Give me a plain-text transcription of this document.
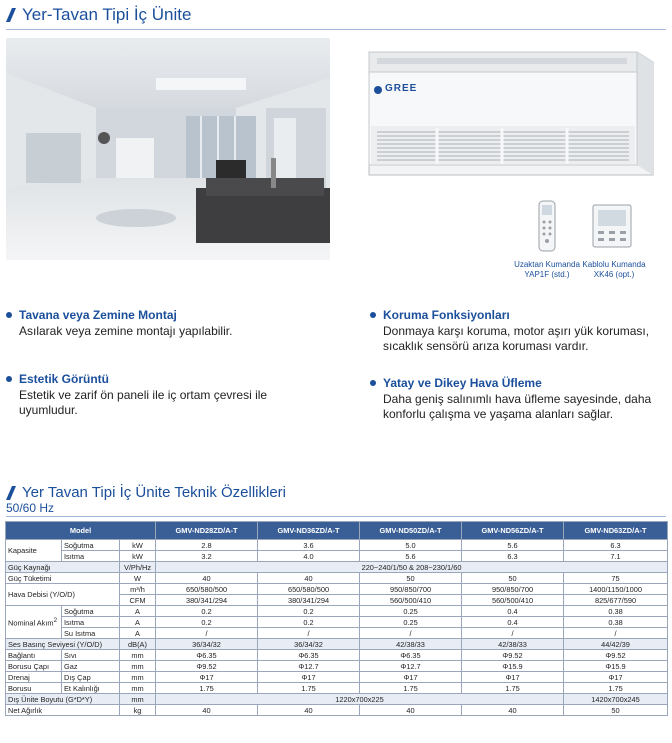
Yer-Tavan Tipi İç Ünite
GREE
Uzaktan Kumanda
YAP1F (std.)
Kablolu Kumanda
XK46 (opt.)
Tavana veya Zemine Montaj
Asılarak veya zemine montajı yapılabilir.
Koruma Fonksiyonları
Donmaya karşı koruma, motor aşırı yük koruması, sıcaklık sensörü arıza koruması vardır.
Estetik Görüntü
Estetik ve zarif ön paneli ile iç ortam çevresi ile uyumludur.
Yatay ve Dikey Hava Üfleme
Daha geniş salınımlı hava üfleme sayesinde, daha konforlu çalışma ve yaşama alanları sağlar.
Yer Tavan Tipi İç Ünite Teknik Özellikleri
50/60 Hz
Model			GMV-ND28ZD/A-T	GMV-ND36ZD/A-T	GMV-ND50ZD/A-T	GMV-ND56ZD/A-T	GMV-ND63ZD/A-T
Kapasite	Soğutma	kW	2.8	3.6	5.0	5.6	6.3
	Isıtma	kW	3.2	4.0	5.6	6.3	7.1
Güç Kaynağı		V/Ph/Hz	220~240/1/50 & 208~230/1/60				
Güç Tüketimi		W	40	40	50	50	75
Hava Debisi (Y/O/D)		m³/h	650/580/500	650/580/500	950/850/700	950/850/700	1400/1150/1000
		CFM	380/341/294	380/341/294	560/500/410	560/500/410	825/677/590
Nominal Akım$^2$	Soğutma	A	0.2	0.2	0.25	0.4	0.38
	Isıtma	A	0.2	0.2	0.25	0.4	0.38
	Su Isıtma	A	/	/	/	/	/
Ses Basınç Seviyesi (Y/O/D)		dB(A)	36/34/32	36/34/32	42/38/33	42/38/33	44/42/39
Bağlantı	Sıvı	mm	Φ6.35	Φ6.35	Φ6.35	Φ9.52	Φ9.52
Borusu Çapı	Gaz	mm	Φ9.52	Φ12.7	Φ12.7	Φ15.9	Φ15.9
Drenaj	Dış Çap	mm	Φ17	Φ17	Φ17	Φ17	Φ17
Borusu	Et Kalınlığı	mm	1.75	1.75	1.75	1.75	1.75
Dış Ünite Boyutu (G*D*Y)		mm	1220x700x225				1420x700x245
Net Ağırlık		kg	40	40	40	40	50
